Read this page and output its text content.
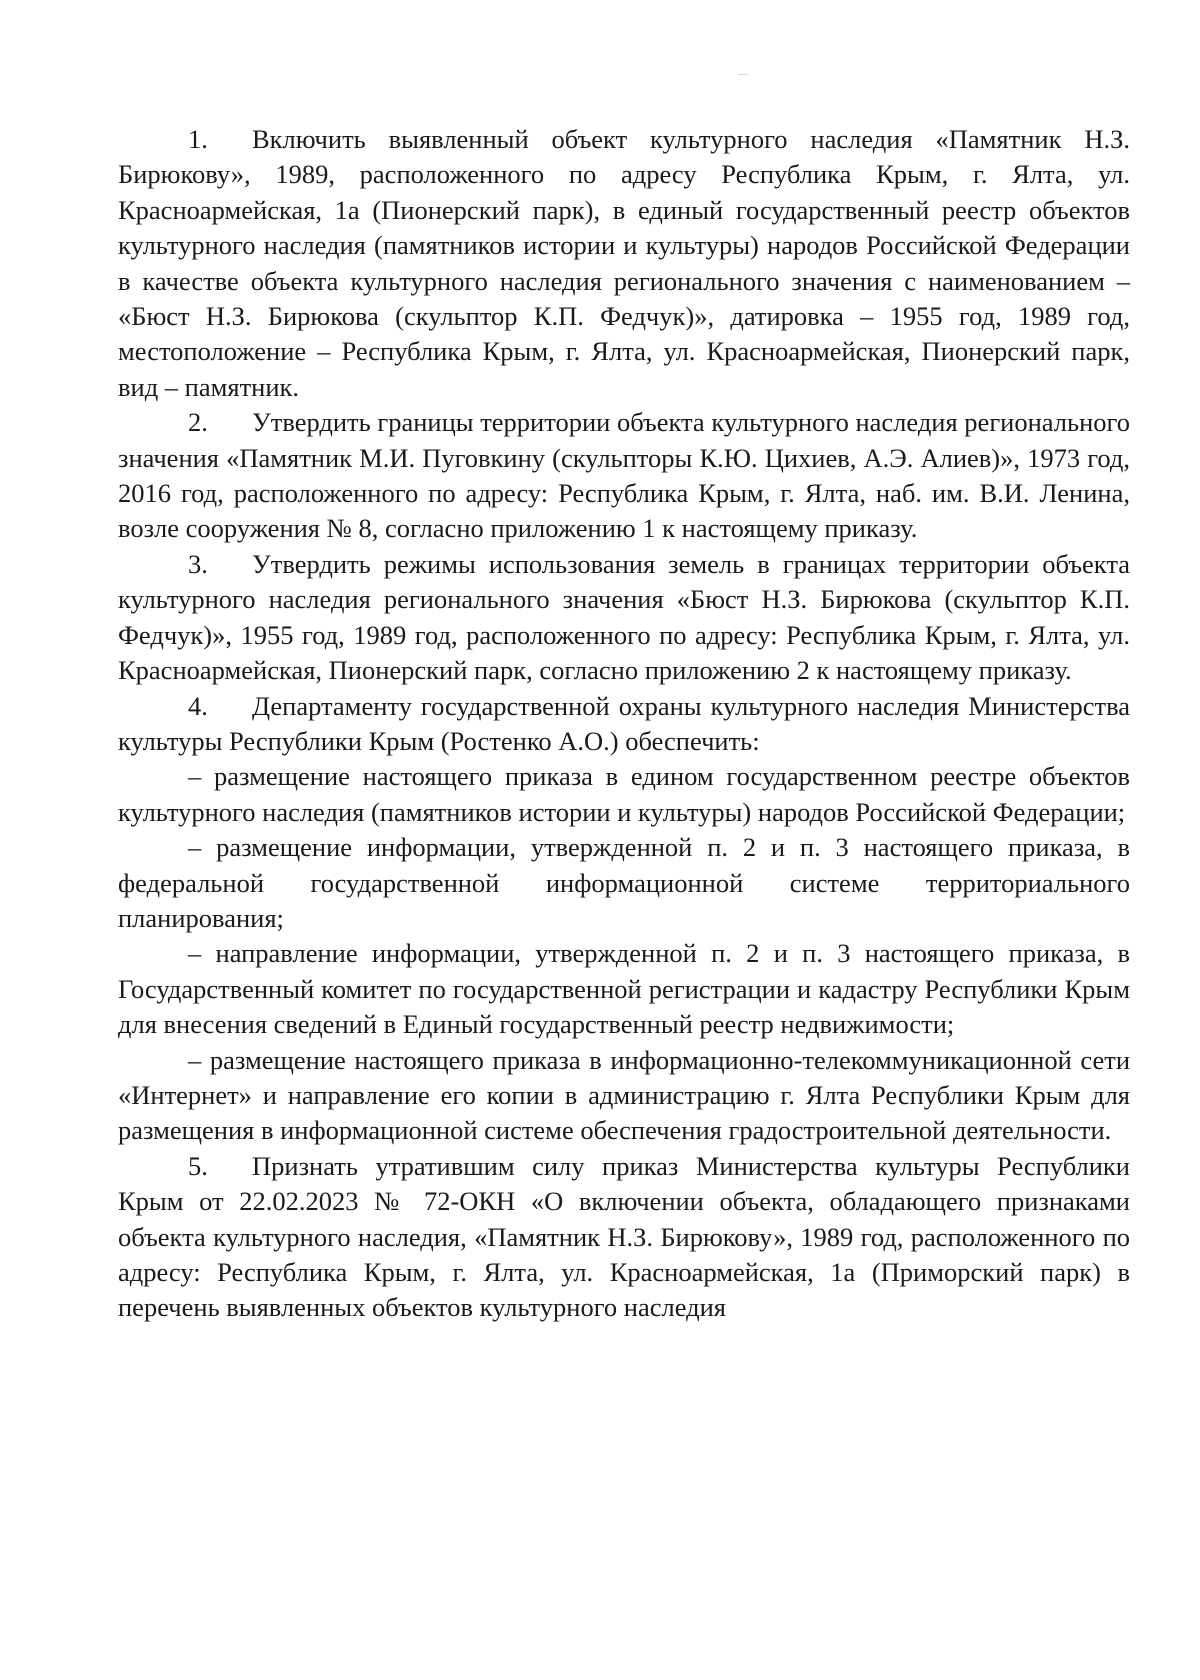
1. Включить выявленный объект культурного наследия «Памятник Н.З. Бирюкову», 1989, расположенного по адресу Республика Крым, г. Ялта, ул. Красноармейская, 1а (Пионерский парк), в единый государственный реестр объектов культурного наследия (памятников истории и культуры) народов Российской Федерации в качестве объекта культурного наследия регионального значения с наименованием – «Бюст Н.З. Бирюкова (скульптор К.П. Федчук)», датировка – 1955 год, 1989 год, местоположение – Республика Крым, г. Ялта, ул. Красноармейская, Пионерский парк, вид – памятник.

2. Утвердить границы территории объекта культурного наследия регионального значения «Памятник М.И. Пуговкину (скульпторы К.Ю. Цихиев, А.Э. Алиев)», 1973 год, 2016 год, расположенного по адресу: Республика Крым, г. Ялта, наб. им. В.И. Ленина, возле сооружения № 8, согласно приложению 1 к настоящему приказу.

3. Утвердить режимы использования земель в границах территории объекта культурного наследия регионального значения «Бюст Н.З. Бирюкова (скульптор К.П. Федчук)», 1955 год, 1989 год, расположенного по адресу: Республика Крым, г. Ялта, ул. Красноармейская, Пионерский парк, согласно приложению 2 к настоящему приказу.

4. Департаменту государственной охраны культурного наследия Министерства культуры Республики Крым (Ростенко А.О.) обеспечить:

– размещение настоящего приказа в едином государственном реестре объектов культурного наследия (памятников истории и культуры) народов Российской Федерации;

– размещение информации, утвержденной п. 2 и п. 3 настоящего приказа, в федеральной государственной информационной системе территориального планирования;

– направление информации, утвержденной п. 2 и п. 3 настоящего приказа, в Государственный комитет по государственной регистрации и кадастру Республики Крым для внесения сведений в Единый государственный реестр недвижимости;

– размещение настоящего приказа в информационно-телекоммуникационной сети «Интернет» и направление его копии в администрацию г. Ялта Республики Крым для размещения в информационной системе обеспечения градостроительной деятельности.

5. Признать утратившим силу приказ Министерства культуры Республики Крым от 22.02.2023 № 72-ОКН «О включении объекта, обладающего признаками объекта культурного наследия, «Памятник Н.З. Бирюкову», 1989 год, расположенного по адресу: Республика Крым, г. Ялта, ул. Красноармейская, 1а (Приморский парк) в перечень выявленных объектов культурного наследия
